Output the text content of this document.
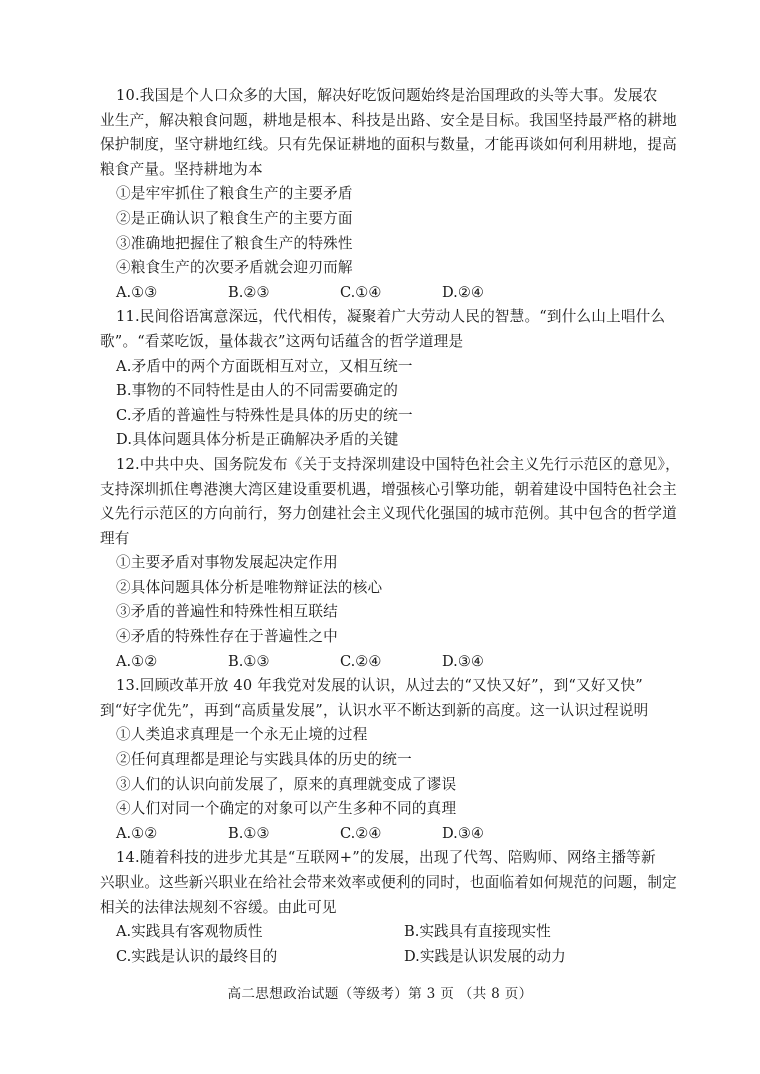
10.我国是个人口众多的大国，解决好吃饭问题始终是治国理政的头等大事。发展农
业生产，解决粮食问题，耕地是根本、科技是出路、安全是目标。我国坚持最严格的耕地
保护制度，坚守耕地红线。只有先保证耕地的面积与数量，才能再谈如何利用耕地，提高
粮食产量。坚持耕地为本
①是牢牢抓住了粮食生产的主要矛盾
②是正确认识了粮食生产的主要方面
③准确地把握住了粮食生产的特殊性
④粮食生产的次要矛盾就会迎刃而解
A.①③	B.②③	C.①④	D.②④
11.民间俗语寓意深远，代代相传，凝聚着广大劳动人民的智慧。“到什么山上唱什么
歌”。“看菜吃饭，量体裁衣”这两句话蕴含的哲学道理是
A.矛盾中的两个方面既相互对立，又相互统一
B.事物的不同特性是由人的不同需要确定的
C.矛盾的普遍性与特殊性是具体的历史的统一
D.具体问题具体分析是正确解决矛盾的关键
12.中共中央、国务院发布《关于支持深圳建设中国特色社会主义先行示范区的意见》，
支持深圳抓住粤港澳大湾区建设重要机遇，增强核心引擎功能，朝着建设中国特色社会主
义先行示范区的方向前行，努力创建社会主义现代化强国的城市范例。其中包含的哲学道
理有
①主要矛盾对事物发展起决定作用
②具体问题具体分析是唯物辩证法的核心
③矛盾的普遍性和特殊性相互联结
④矛盾的特殊性存在于普遍性之中
A.①②	B.①③	C.②④	D.③④
13.回顾改革开放 40 年我党对发展的认识，从过去的“又快又好”，到“又好又快”
到“好字优先”，再到“高质量发展”，认识水平不断达到新的高度。这一认识过程说明
①人类追求真理是一个永无止境的过程
②任何真理都是理论与实践具体的历史的统一
③人们的认识向前发展了，原来的真理就变成了谬误
④人们对同一个确定的对象可以产生多种不同的真理
A.①②	B.①③	C.②④	D.③④
14.随着科技的进步尤其是“互联网+”的发展，出现了代驾、陪购师、网络主播等新
兴职业。这些新兴职业在给社会带来效率或便利的同时，也面临着如何规范的问题，制定
相关的法律法规刻不容缓。由此可见
A.实践具有客观物质性	B.实践具有直接现实性
C.实践是认识的最终目的	D.实践是认识发展的动力
高二思想政治试题（等级考）第 3 页 （共 8 页）
